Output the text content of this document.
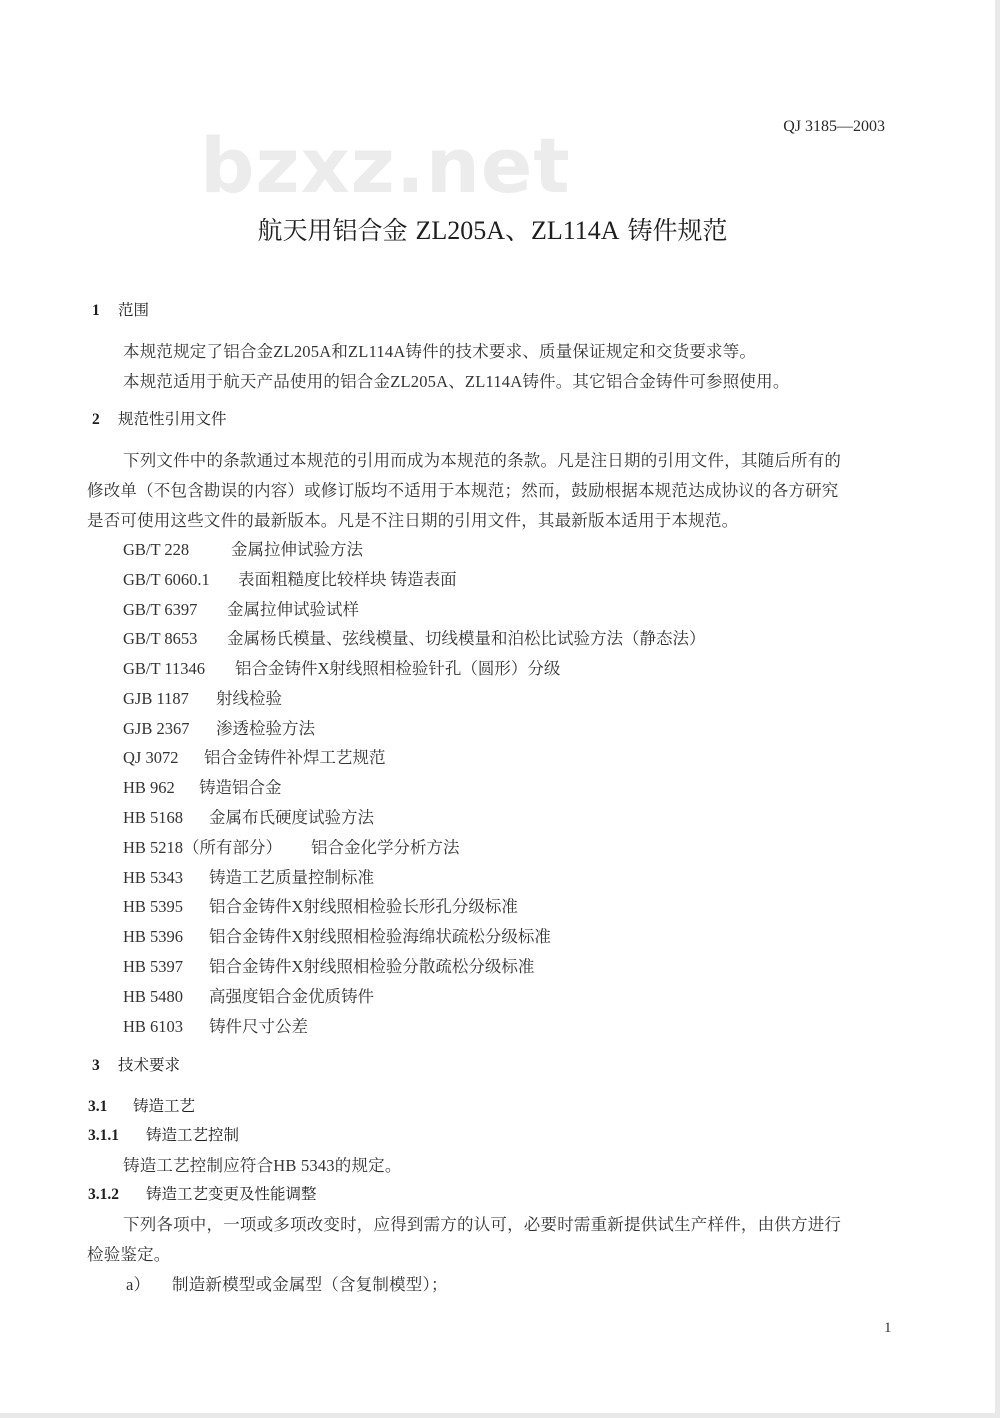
QJ 3185—2003
bzxz.net
航天用铝合金 ZL205A、ZL114A 铸件规范
1 范围
本规范规定了铝合金ZL205A和ZL114A铸件的技术要求、质量保证规定和交货要求等。
本规范适用于航天产品使用的铝合金ZL205A、ZL114A铸件。其它铝合金铸件可参照使用。
2 规范性引用文件
下列文件中的条款通过本规范的引用而成为本规范的条款。凡是注日期的引用文件，其随后所有的
修改单（不包含勘误的内容）或修订版均不适用于本规范；然而，鼓励根据本规范达成协议的各方研究
是否可使用这些文件的最新版本。凡是不注日期的引用文件，其最新版本适用于本规范。
GB/T 228	金属拉伸试验方法
GB/T 6060.1 表面粗糙度比较样块 铸造表面
GB/T 6397 金属拉伸试验试样
GB/T 8653 金属杨氏模量、弦线模量、切线模量和泊松比试验方法（静态法）
GB/T 11346 铝合金铸件X射线照相检验针孔（圆形）分级
GJB 1187 射线检验
GJB 2367 渗透检验方法
QJ 3072 铝合金铸件补焊工艺规范
HB 962 铸造铝合金
HB 5168 金属布氏硬度试验方法
HB 5218（所有部分） 铝合金化学分析方法
HB 5343 铸造工艺质量控制标准
HB 5395 铝合金铸件X射线照相检验长形孔分级标准
HB 5396 铝合金铸件X射线照相检验海绵状疏松分级标准
HB 5397 铝合金铸件X射线照相检验分散疏松分级标准
HB 5480 高强度铝合金优质铸件
HB 6103 铸件尺寸公差
3 技术要求
3.1 铸造工艺
3.1.1 铸造工艺控制
铸造工艺控制应符合HB 5343的规定。
3.1.2 铸造工艺变更及性能调整
下列各项中，一项或多项改变时，应得到需方的认可，必要时需重新提供试生产样件，由供方进行
检验鉴定。
a） 制造新模型或金属型（含复制模型）；
1
